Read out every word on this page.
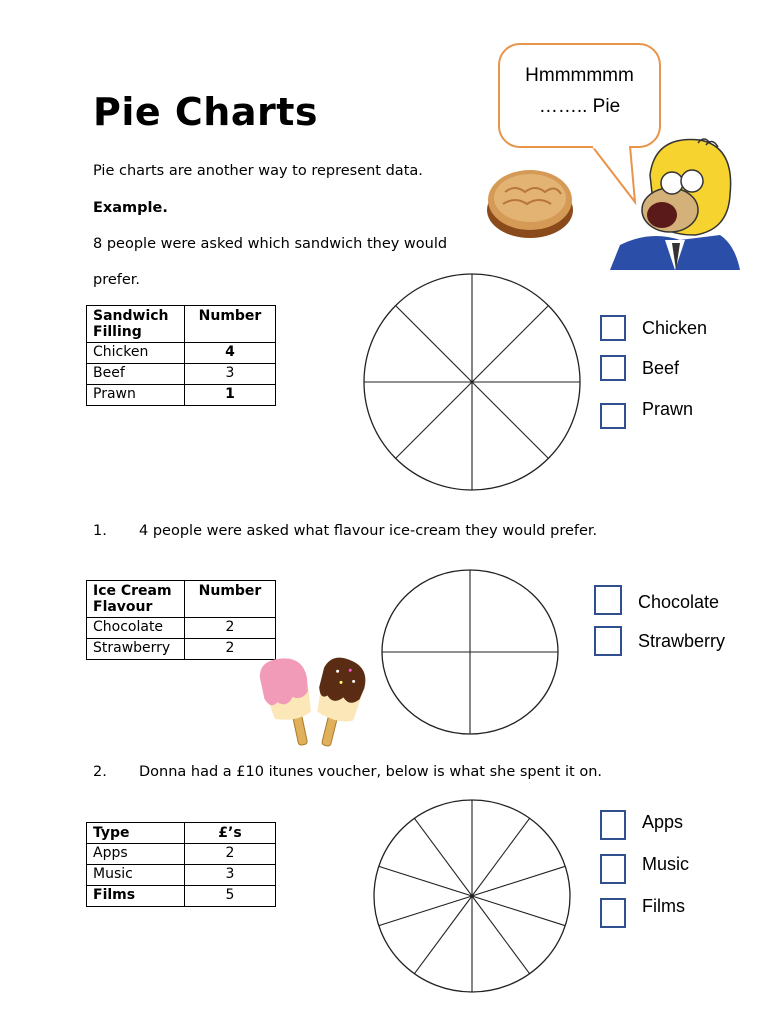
Pie Charts
Pie charts are another way to represent data.
Example.
8 people were asked which sandwich they would
prefer.
Hmmmmmm
…….. Pie
Sandwich Filling	Number
Chicken	4
Beef	3
Prawn	1
Chicken
Beef
Prawn
1. 4 people were asked what flavour ice-cream they would prefer.
Ice Cream Flavour	Number
Chocolate	2
Strawberry	2
Chocolate
Strawberry
2. Donna had a £10 itunes voucher, below is what she spent it on.
Type	£’s
Apps	2
Music	3
Films	5
Apps
Music
Films
